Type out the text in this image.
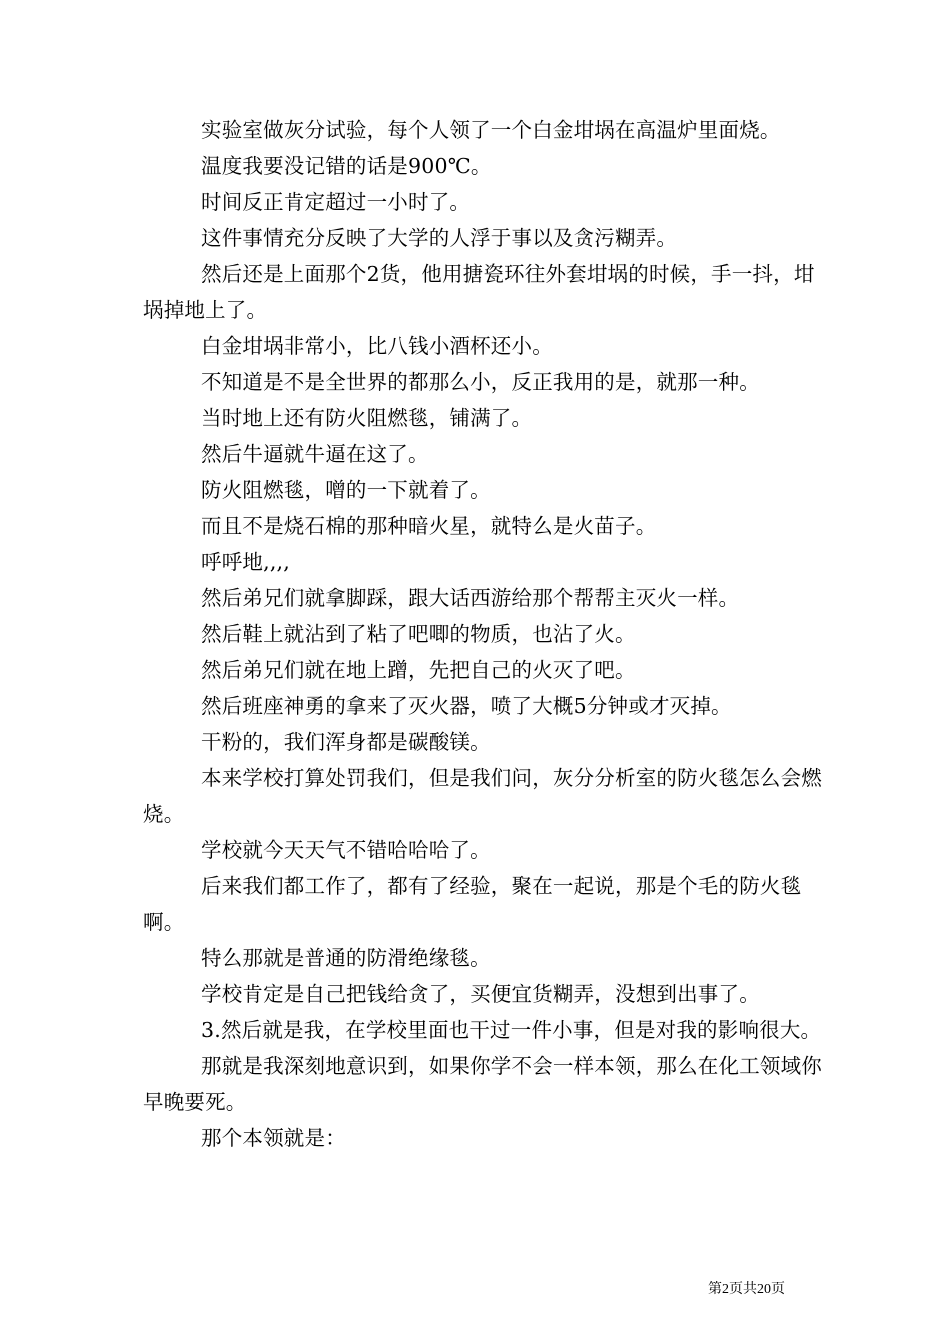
实验室做灰分试验，每个人领了一个白金坩埚在高温炉里面烧。

温度我要没记错的话是900℃。

时间反正肯定超过一小时了。

这件事情充分反映了大学的人浮于事以及贪污糊弄。

然后还是上面那个2货，他用搪瓷环往外套坩埚的时候，手一抖，坩埚掉地上了。

白金坩埚非常小，比八钱小酒杯还小。

不知道是不是全世界的都那么小，反正我用的是，就那一种。

当时地上还有防火阻燃毯，铺满了。

然后牛逼就牛逼在这了。

防火阻燃毯，噌的一下就着了。

而且不是烧石棉的那种暗火星，就特么是火苗子。

呼呼地,,,,

然后弟兄们就拿脚踩，跟大话西游给那个帮帮主灭火一样。

然后鞋上就沾到了粘了吧唧的物质，也沾了火。

然后弟兄们就在地上蹭，先把自己的火灭了吧。

然后班座神勇的拿来了灭火器，喷了大概5分钟或才灭掉。

干粉的，我们浑身都是碳酸镁。

本来学校打算处罚我们，但是我们问，灰分分析室的防火毯怎么会燃烧。

学校就今天天气不错哈哈哈了。

后来我们都工作了，都有了经验，聚在一起说，那是个毛的防火毯啊。

特么那就是普通的防滑绝缘毯。

学校肯定是自己把钱给贪了，买便宜货糊弄，没想到出事了。

3.然后就是我，在学校里面也干过一件小事，但是对我的影响很大。

那就是我深刻地意识到，如果你学不会一样本领，那么在化工领域你早晚要死。

那个本领就是：

第2页共20页
